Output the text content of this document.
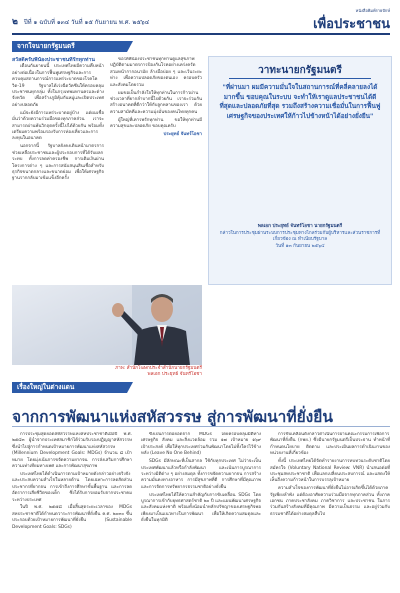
๒ ปีที่ ๑ ฉบับที่ ๑๓๔ วันที่ ๑๕ กันยายน พ.ศ. ๒๕๖๔
หนังสือพิมพ์รายปักษ์
เพื่อประชาชน
จากใจนายกรัฐมนตรี
สวัสดีครับพี่น้องประชาชนที่รักทุกท่าน

เดือนกันยายนนี้ ประเทศไทยมีความคืบหน้าอย่างต่อเนื่องในการฟื้นฟูเศรษฐกิจและการควบคุมสถานการณ์การแพร่ระบาดของโรคโควิด-19 รัฐบาลได้เร่งฉีดวัคซีนให้ครอบคลุมประชาชนทุกกลุ่ม ทั้งในกรุงเทพมหานครและต่างจังหวัด เพื่อสร้างภูมิคุ้มกันหมู่และเปิดประเทศอย่างปลอดภัย

แม้จะยังมีการแพร่ระบาดอยู่บ้าง แต่ผมเชื่อมั่นว่าด้วยความร่วมมือของทุกภาคส่วน เราจะสามารถผ่านพ้นวิกฤตครั้งนี้ไปได้ด้วยกัน พร้อมทั้งเตรียมความพร้อมรองรับการท่องเที่ยวและการลงทุนในอนาคต

นอกจากนี้ รัฐบาลยังคงเดินหน้ามาตรการช่วยเหลือประชาชนและผู้ประกอบการที่ได้รับผลกระทบ ทั้งการลดค่าครองชีพ การเติมเงินผ่านโครงการต่าง ๆ และการสนับสนุนสินเชื่อสำหรับธุรกิจขนาดกลางและขนาดย่อม เพื่อให้เศรษฐกิจฐานรากกลับมาเข้มแข็งอีกครั้ง

ขอให้พี่น้องประชาชนทุกท่านดูแลสุขภาพ ปฏิบัติตามมาตรการป้องกันโรคอย่างเคร่งครัด สวมหน้ากากอนามัย ล้างมือบ่อย ๆ และเว้นระยะห่าง เพื่อความปลอดภัยของตนเอง ครอบครัว และสังคมโดยรวม

ผมขอเป็นกำลังใจให้ทุกท่านในการก้าวผ่านช่วงเวลาที่ยากลำบากนี้ไปด้วยกัน เราจะร่วมกันสร้างอนาคตที่ดีกว่าให้กับลูกหลานของเรา ด้วยความสามัคคีและความมุ่งมั่นของคนไทยทุกคน

ผู้ใหญ่ที่เคารพรักทุกท่าน ขอให้ทุกท่านมีความสุขและปลอดภัย ขอบคุณครับ

ประยุทธ์ จันทร์โอชา

วาทะนายกรัฐมนตรี
"ที่ผ่านมา ผมมีความมั่นใจในสถานการณ์ที่คลี่คลายลงได้มากขึ้น ขอบคุณในระบบ จะทำให้เราดูแลประชาชนได้ดีที่สุดและปลอดภัยที่สุด รวมถึงสร้างความเชื่อมั่นในการฟื้นฟูเศรษฐกิจของประเทศให้ก้าวไปข้างหน้าได้อย่างยั่งยืน"
พลเอก ประยุทธ์ จันทร์โอชา นายกรัฐมนตรี
กล่าวในการประชุมผ่านระบบการประชุมทางไกลร่วมกับผู้บริหารและส่วนราชการที่เกี่ยวข้อง ณ ทำเนียบรัฐบาล
วันที่ ๑๓ กันยายน ๒๕๖๔
ภาพ: สำนักโฆษกประจำสำนักนายกรัฐมนตรี
พลเอก ประยุทธ์ จันทร์โอชา
เรื่องใหญ่ในต่างแดน
จากการพัฒนาแห่งสหัสวรรษ สู่การพัฒนาที่ยั่งยืน

การประชุมสุดยอดสหัสวรรษแห่งสหประชาชาติเมื่อปี พ.ศ. ๒๕๔๓ ผู้นำจากประเทศสมาชิกได้ร่วมรับรองปฏิญญาสหัสวรรษ ซึ่งนำไปสู่การกำหนดเป้าหมายการพัฒนาแห่งสหัสวรรษ (Millennium Development Goals: MDGs) จำนวน ๘ เป้าหมาย โดยมุ่งเน้นการขจัดความยากจน การส่งเสริมการศึกษา ความเท่าเทียมทางเพศ และการพัฒนาสุขภาพ

ประเทศไทยได้ดำเนินการตามเป้าหมายดังกล่าวอย่างจริงจัง และประสบความสำเร็จในหลายด้าน โดยเฉพาะการลดสัดส่วนประชากรที่ยากจน การเข้าถึงการศึกษาขั้นพื้นฐาน และการลดอัตราการเสียชีวิตของเด็ก ซึ่งได้รับการยอมรับจากประชาคมระหว่างประเทศ

ในปี พ.ศ. ๒๕๕๘ เมื่อสิ้นสุดระยะเวลาของ MDGs สหประชาชาติได้กำหนดวาระการพัฒนาที่ยั่งยืน ค.ศ. ๒๐๓๐ ขึ้น ประกอบด้วยเป้าหมายการพัฒนาที่ยั่งยืน (Sustainable Development Goals: SDGs)

ซึ่งเป็นการต่อยอดจาก MDGs โดยครอบคลุมมิติทางเศรษฐกิจ สังคม และสิ่งแวดล้อม รวม ๑๗ เป้าหมาย ๑๖๙ เป้าประสงค์ เพื่อให้ทุกประเทศร่วมกันพัฒนาโดยไม่ทิ้งใครไว้ข้างหลัง (Leave No One Behind)

SDGs มีลักษณะที่เป็นสากล ใช้กับทุกประเทศ ไม่ว่าจะเป็นประเทศพัฒนาแล้วหรือกำลังพัฒนา และเน้นการบูรณาการระหว่างมิติต่าง ๆ อย่างสมดุล ทั้งการขจัดความยากจน การสร้างความมั่นคงทางอาหาร การมีสุขภาพที่ดี การศึกษาที่มีคุณภาพ และการจัดการทรัพยากรธรรมชาติอย่างยั่งยืน

ประเทศไทยได้ให้ความสำคัญกับการขับเคลื่อน SDGs โดยบูรณาการเข้ากับยุทธศาสตร์ชาติ ๒๐ ปี และแผนพัฒนาเศรษฐกิจและสังคมแห่งชาติ พร้อมทั้งน้อมนำหลักปรัชญาของเศรษฐกิจพอเพียงมาเป็นแนวทางในการพัฒนา เพื่อให้เกิดความสมดุลและยั่งยืนในทุกมิติ

การขับเคลื่อนดังกล่าวดำเนินการผ่านคณะกรรมการเพื่อการพัฒนาที่ยั่งยืน (กพย.) ซึ่งมีนายกรัฐมนตรีเป็นประธาน ทำหน้าที่กำหนดนโยบาย ติดตาม และประเมินผลการดำเนินงานของหน่วยงานที่เกี่ยวข้อง

ทั้งนี้ ประเทศไทยได้จัดทำรายงานการทบทวนระดับชาติโดยสมัครใจ (Voluntary National Review: VNR) นำเสนอต่อที่ประชุมสหประชาชาติ เพื่อแลกเปลี่ยนประสบการณ์ และแสดงให้เห็นถึงความก้าวหน้าในการบรรลุเป้าหมาย

ความสำเร็จของการพัฒนาที่ยั่งยืนไม่อาจเกิดขึ้นได้ด้วยภาครัฐเพียงลำพัง แต่ต้องอาศัยความร่วมมือจากทุกภาคส่วน ทั้งภาคเอกชน ภาคประชาสังคม ภาควิชาการ และประชาชน ในการร่วมกันสร้างสังคมที่มีคุณภาพ มีความเป็นธรรม และอยู่ร่วมกับธรรมชาติได้อย่างสมดุลสืบไป
